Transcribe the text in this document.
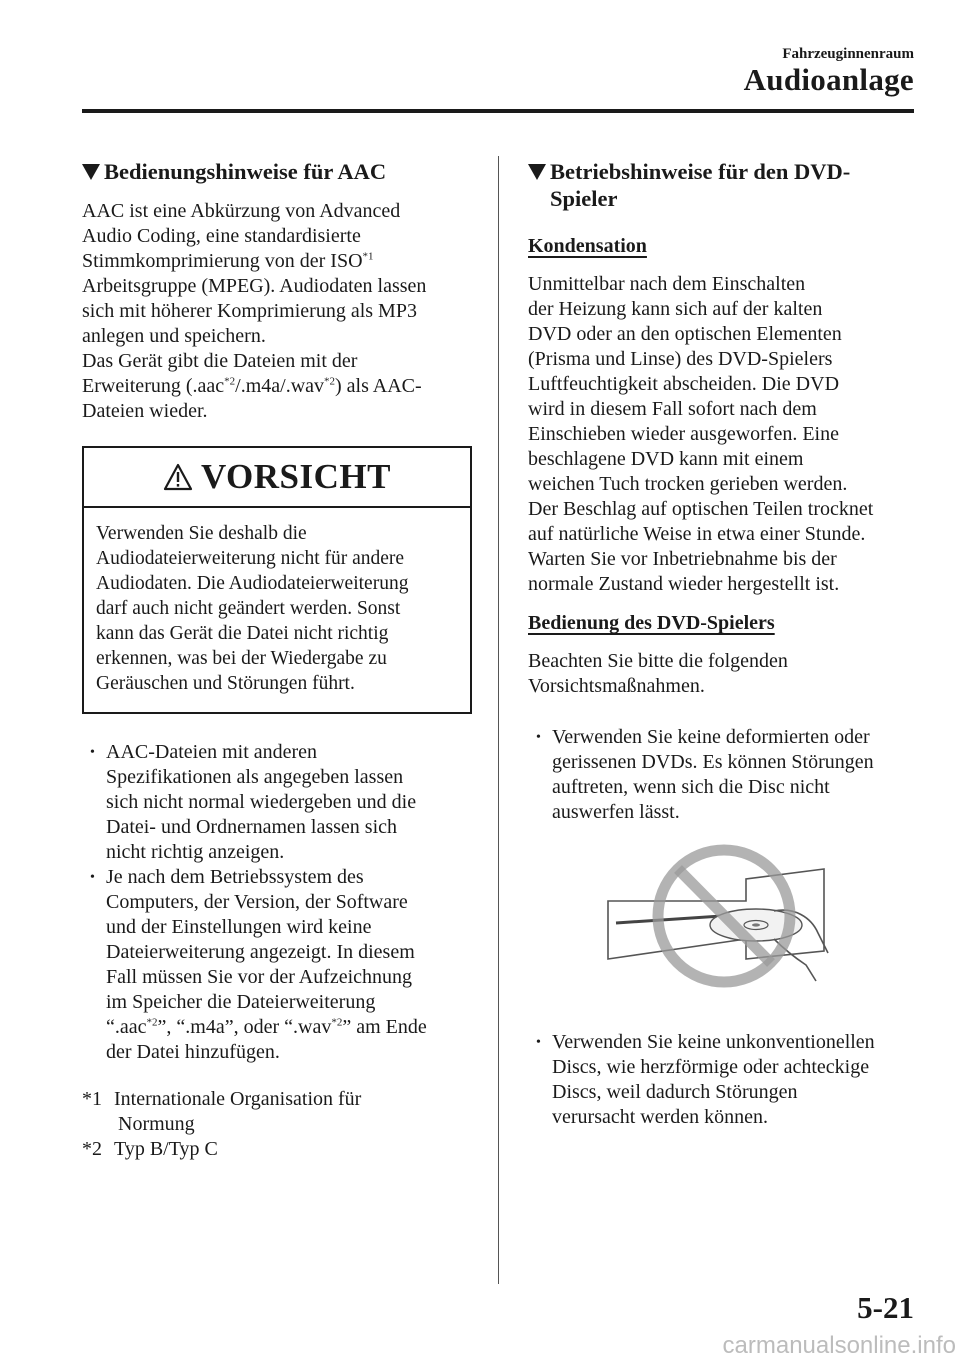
Fahrzeuginnenraum
Audioanlage
Bedienungshinweise für AAC

AAC ist eine Abkürzung von Advanced
Audio Coding, eine standardisierte
Stimmkomprimierung von der ISO$^{*1}$
Arbeitsgruppe (MPEG). Audiodaten lassen
sich mit höherer Komprimierung als MP3
anlegen und speichern.
Das Gerät gibt die Dateien mit der
Erweiterung (.aac$^{*2}$/.m4a/.wav$^{*2}$) als AAC-
Dateien wieder.

VORSICHT
Verwenden Sie deshalb die
Audiodateierweiterung nicht für andere
Audiodaten. Die Audiodateierweiterung
darf auch nicht geändert werden. Sonst
kann das Gerät die Datei nicht richtig
erkennen, was bei der Wiedergabe zu
Geräuschen und Störungen führt.
• AAC-Dateien mit anderen
Spezifikationen als angegeben lassen
sich nicht normal wiedergeben und die
Datei- und Ordnernamen lassen sich
nicht richtig anzeigen.
• Je nach dem Betriebssystem des
Computers, der Version, der Software
und der Einstellungen wird keine
Dateierweiterung angezeigt. In diesem
Fall müssen Sie vor der Aufzeichnung
im Speicher die Dateierweiterung
“.aac$^{*2}$”, “.m4a”, oder “.wav$^{*2}$” am Ende
der Datei hinzufügen.
*1 Internationale Organisation für
Normung
*2 Typ B/Typ C
Betriebshinweise für den DVD-
Spieler
Kondensation

Unmittelbar nach dem Einschalten
der Heizung kann sich auf der kalten
DVD oder an den optischen Elementen
(Prisma und Linse) des DVD-Spielers
Luftfeuchtigkeit abscheiden. Die DVD
wird in diesem Fall sofort nach dem
Einschieben wieder ausgeworfen. Eine
beschlagene DVD kann mit einem
weichen Tuch trocken gerieben werden.
Der Beschlag auf optischen Teilen trocknet
auf natürliche Weise in etwa einer Stunde.
Warten Sie vor Inbetriebnahme bis der
normale Zustand wieder hergestellt ist.

Bedienung des DVD-Spielers

Beachten Sie bitte die folgenden
Vorsichtsmaßnahmen.

• Verwenden Sie keine deformierten oder
gerissenen DVDs. Es können Störungen
auftreten, wenn sich die Disc nicht
auswerfen lässt.
• Verwenden Sie keine unkonventionellen
Discs, wie herzförmige oder achteckige
Discs, weil dadurch Störungen
verursacht werden können.
5-21
carmanualsonline.info
